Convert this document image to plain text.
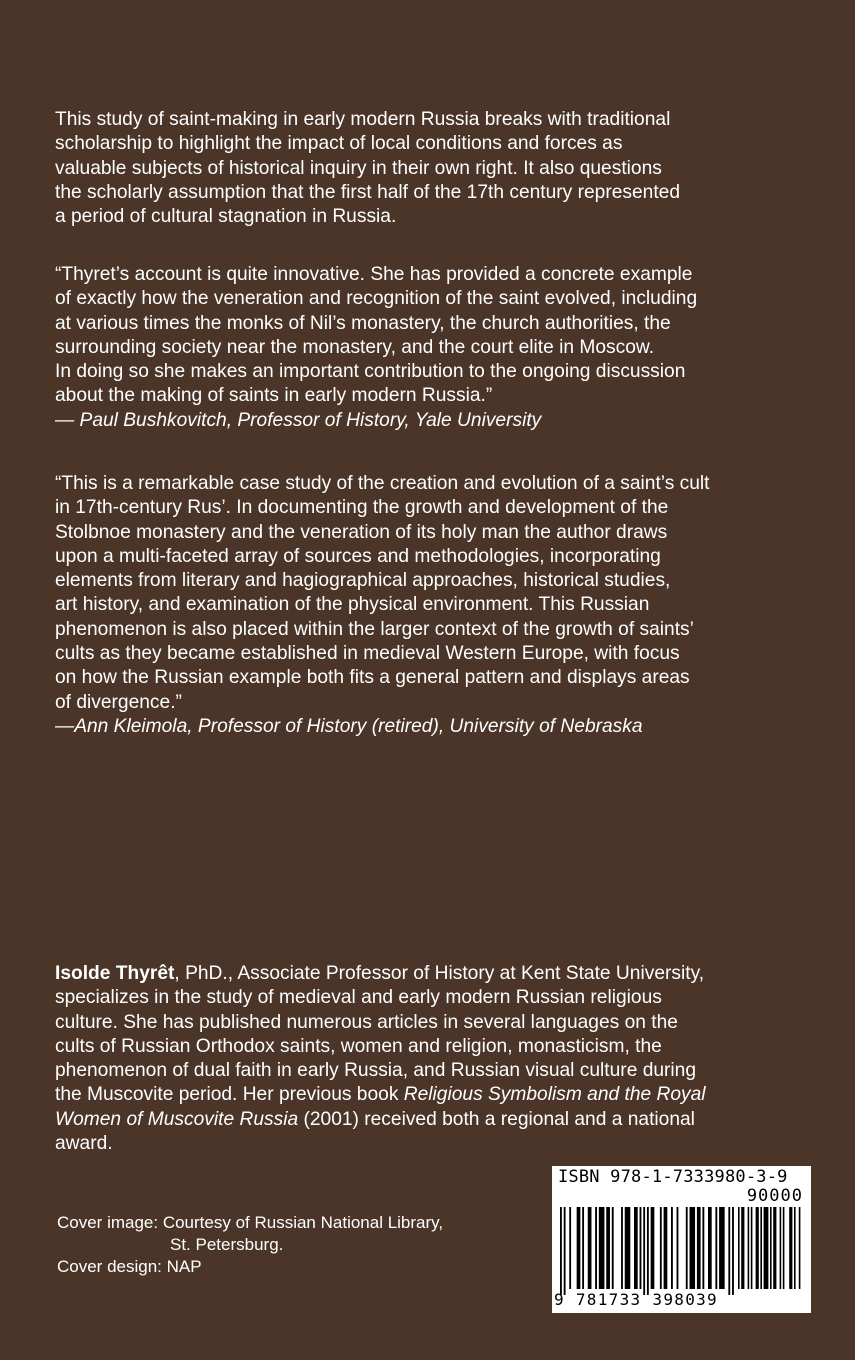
This study of saint-making in early modern Russia breaks with traditional
scholarship to highlight the impact of local conditions and forces as
valuable subjects of historical inquiry in their own right. It also questions
the scholarly assumption that the first half of the 17th century represented
a period of cultural stagnation in Russia.
“Thyret’s account is quite innovative. She has provided a concrete example
of exactly how the veneration and recognition of the saint evolved, including
at various times the monks of Nil’s monastery, the church authorities, the
surrounding society near the monastery, and the court elite in Moscow.
In doing so she makes an important contribution to the ongoing discussion
about the making of saints in early modern Russia.”
— Paul Bushkovitch, Professor of History, Yale University
“This is a remarkable case study of the creation and evolution of a saint’s cult
in 17th-century Rus’. In documenting the growth and development of the
Stolbnoe monastery and the veneration of its holy man the author draws
upon a multi-faceted array of sources and methodologies, incorporating
elements from literary and hagiographical approaches, historical studies,
art history, and examination of the physical environment. This Russian
phenomenon is also placed within the larger context of the growth of saints’
cults as they became established in medieval Western Europe, with focus
on how the Russian example both fits a general pattern and displays areas
of divergence.”
—Ann Kleimola, Professor of History (retired), University of Nebraska
Isolde Thyrêt, PhD., Associate Professor of History at Kent State University,
specializes in the study of medieval and early modern Russian religious
culture. She has published numerous articles in several languages on the
cults of Russian Orthodox saints, women and religion, monasticism, the
phenomenon of dual faith in early Russia, and Russian visual culture during
the Muscovite period. Her previous book Religious Symbolism and the Royal
Women of Muscovite Russia (2001) received both a regional and a national
award.
Cover image: Courtesy of Russian National Library,
St. Petersburg.
Cover design: NAP
ISBN 978-1-7333980-3-9
90000
9 781733 398039
